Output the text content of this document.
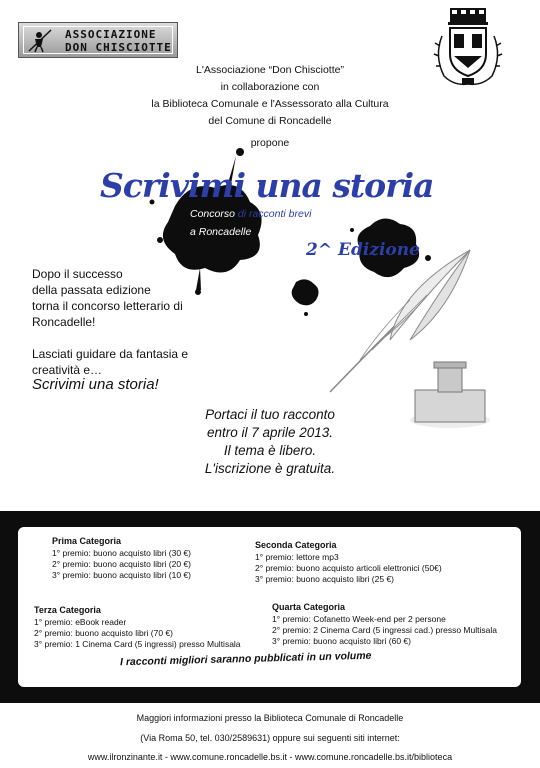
ASSOCIAZIONE
DON CHISCIOTTE
L'Associazione “Don Chisciotte”
in collaborazione con
la Biblioteca Comunale e l'Assessorato alla Cultura
del Comune di Roncadelle
propone
Scrivimi una storia
Concorso di racconti brevi
a Roncadelle
2^ Edizione
Dopo il successo
della passata edizione
torna il concorso letterario di
Roncadelle!
Lasciati guidare da fantasia e
creatività e…
Scrivimi una storia!
Portaci il tuo racconto
entro il 7 aprile 2013.
Il tema è libero.
L'iscrizione è gratuita.
Prima Categoria
1° premio: buono acquisto libri (30 €)
2° premio: buono acquisto libri (20 €)
3° premio: buono acquisto libri (10 €)
Seconda Categoria
1° premio: lettore mp3
2° premio: buono acquisto articoli elettronici (50€)
3° premio: buono acquisto libri (25 €)
Terza Categoria
1° premio: eBook reader
2° premio: buono acquisto libri (70 €)
3° premio: 1 Cinema Card (5 ingressi) presso Multisala
Quarta Categoria
1° premio: Cofanetto Week-end per 2 persone
2° premio: 2 Cinema Card (5 ingressi cad.) presso Multisala
3° premio: buono acquisto libri (60 €)
I racconti migliori saranno pubblicati in un volume
Maggiori informazioni presso la Biblioteca Comunale di Roncadelle
(Via Roma 50, tel. 030/2589631) oppure sui seguenti siti internet:
www.ilronzinante.it - www.comune.roncadelle.bs.it - www.comune.roncadelle.bs.it/biblioteca
